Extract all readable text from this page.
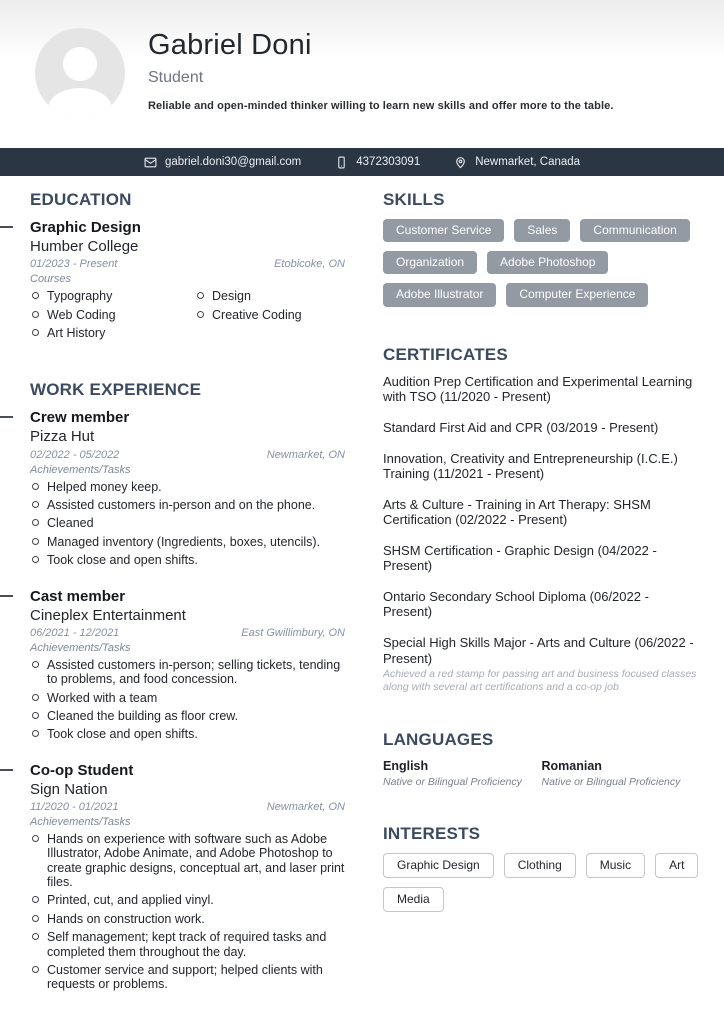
Gabriel Doni
Student
Reliable and open-minded thinker willing to learn new skills and offer more to the table.
gabriel.doni30@gmail.com	4372303091	Newmarket, Canada
EDUCATION
Graphic Design
Humber College
01/2023 - Present	Etobicoke, ON
Courses
Typography	Design
Web Coding	Creative Coding
Art History
WORK EXPERIENCE
Crew member
Pizza Hut
02/2022 - 05/2022	Newmarket, ON
Achievements/Tasks
Helped money keep.
Assisted customers in-person and on the phone.
Cleaned
Managed inventory (Ingredients, boxes, utencils).
Took close and open shifts.
Cast member
Cineplex Entertainment
06/2021 - 12/2021	East Gwillimbury, ON
Achievements/Tasks
Assisted customers in-person; selling tickets, tending to problems, and food concession.
Worked with a team
Cleaned the building as floor crew.
Took close and open shifts.
Co-op Student
Sign Nation
11/2020 - 01/2021	Newmarket, ON
Achievements/Tasks
Hands on experience with software such as Adobe Illustrator, Adobe Animate, and Adobe Photoshop to create graphic designs, conceptual art, and laser print files.
Printed, cut, and applied vinyl.
Hands on construction work.
Self management; kept track of required tasks and completed them throughout the day.
Customer service and support; helped clients with requests or problems.
SKILLS
Customer Service	Sales	Communication
Organization	Adobe Photoshop
Adobe Illustrator	Computer Experience
CERTIFICATES
Audition Prep Certification and Experimental Learning with TSO (11/2020 - Present)
Standard First Aid and CPR (03/2019 - Present)
Innovation, Creativity and Entrepreneurship (I.C.E.) Training (11/2021 - Present)
Arts & Culture - Training in Art Therapy: SHSM Certification (02/2022 - Present)
SHSM Certification - Graphic Design (04/2022 - Present)
Ontario Secondary School Diploma (06/2022 - Present)
Special High Skills Major - Arts and Culture (06/2022 - Present)
Achieved a red stamp for passing art and business focused classes along with several art certifications and a co-op job
LANGUAGES
English
Native or Bilingual Proficiency
Romanian
Native or Bilingual Proficiency
INTERESTS
Graphic Design	Clothing	Music	Art
Media
